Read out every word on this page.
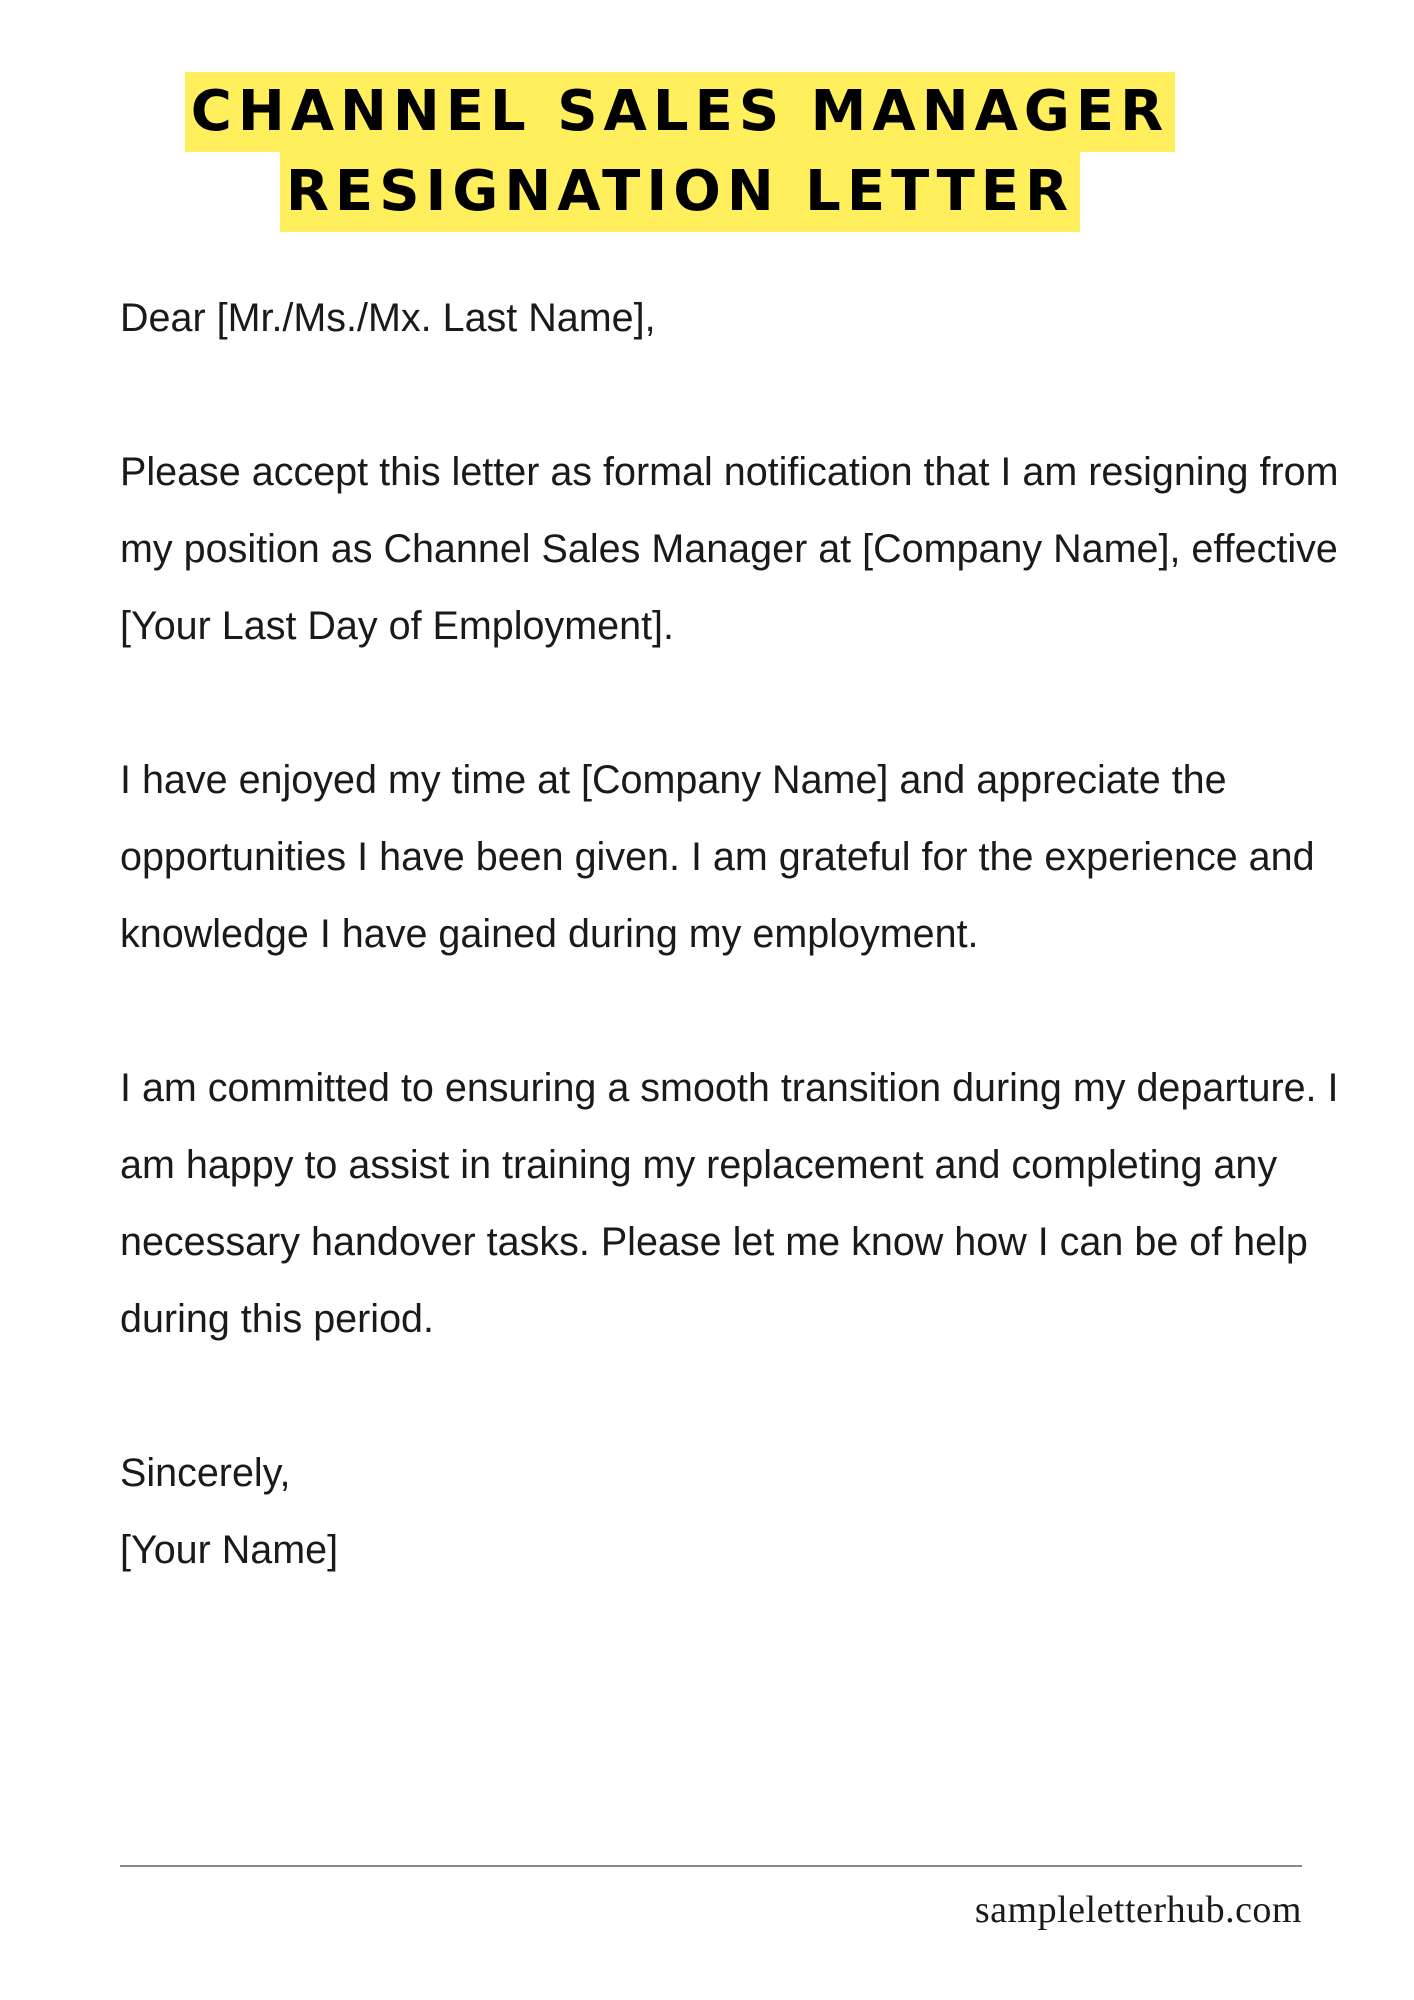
CHANNEL SALES MANAGER
RESIGNATION LETTER

Dear [Mr./Ms./Mx. Last Name],

Please accept this letter as formal notification that I am resigning from my position as Channel Sales Manager at [Company Name], effective [Your Last Day of Employment].

I have enjoyed my time at [Company Name] and appreciate the opportunities I have been given. I am grateful for the experience and knowledge I have gained during my employment.

I am committed to ensuring a smooth transition during my departure. I am happy to assist in training my replacement and completing any necessary handover tasks. Please let me know how I can be of help during this period.

Sincerely,

[Your Name]

sampleletterhub.com
